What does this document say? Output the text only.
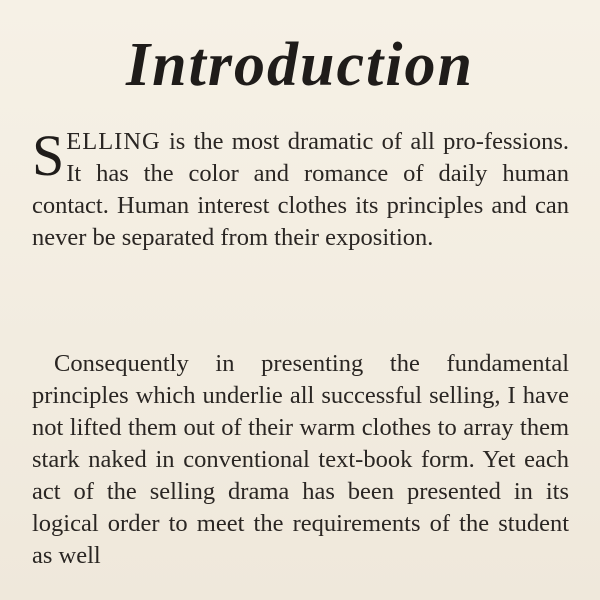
Introduction

SELLING is the most dramatic of all pro‑fessions. It has the color and romance of daily human contact. Human interest clothes its principles and can never be separated from their exposition.

Consequently in presenting the fundamental principles which underlie all successful selling, I have not lifted them out of their warm clothes to array them stark naked in conventional text-book form. Yet each act of the selling drama has been presented in its logical order to meet the requirements of the student as well
